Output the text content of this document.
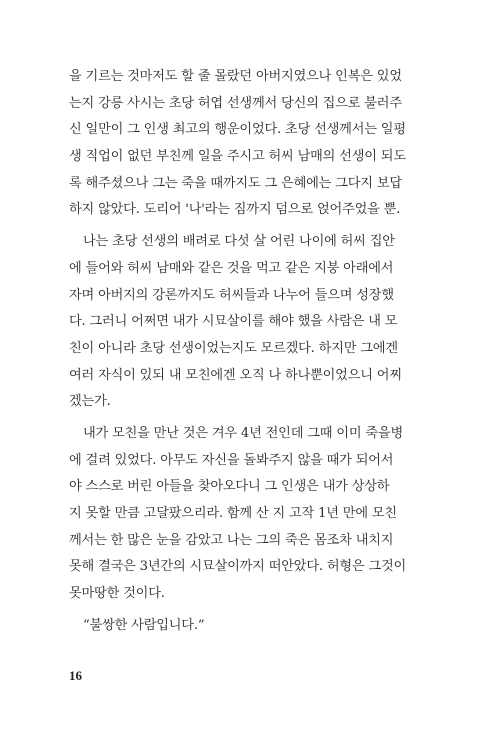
을 기르는 것마저도 할 줄 몰랐던 아버지였으나 인복은 있었
는지 강릉 사시는 초당 허엽 선생께서 당신의 집으로 불러주
신 일만이 그 인생 최고의 행운이었다. 초당 선생께서는 일평
생 직업이 없던 부친께 일을 주시고 허씨 남매의 선생이 되도
록 해주셨으나 그는 죽을 때까지도 그 은혜에는 그다지 보답
하지 않았다. 도리어 '나'라는 짐까지 덤으로 얹어주었을 뿐.
나는 초당 선생의 배려로 다섯 살 어린 나이에 허씨 집안
에 들어와 허씨 남매와 같은 것을 먹고 같은 지붕 아래에서
자며 아버지의 강론까지도 허씨들과 나누어 들으며 성장했
다. 그러니 어쩌면 내가 시묘살이를 해야 했을 사람은 내 모
친이 아니라 초당 선생이었는지도 모르겠다. 하지만 그에겐
여러 자식이 있되 내 모친에겐 오직 나 하나뿐이었으니 어찌
겠는가.
내가 모친을 만난 것은 겨우 4년 전인데 그때 이미 죽을병
에 걸려 있었다. 아무도 자신을 돌봐주지 않을 때가 되어서
야 스스로 버린 아들을 찾아오다니 그 인생은 내가 상상하
지 못할 만큼 고달팠으리라. 함께 산 지 고작 1년 만에 모친
께서는 한 많은 눈을 감았고 나는 그의 죽은 몸조차 내치지
못해 결국은 3년간의 시묘살이까지 떠안았다. 허형은 그것이
못마땅한 것이다.
“불쌍한 사람입니다.”
16
